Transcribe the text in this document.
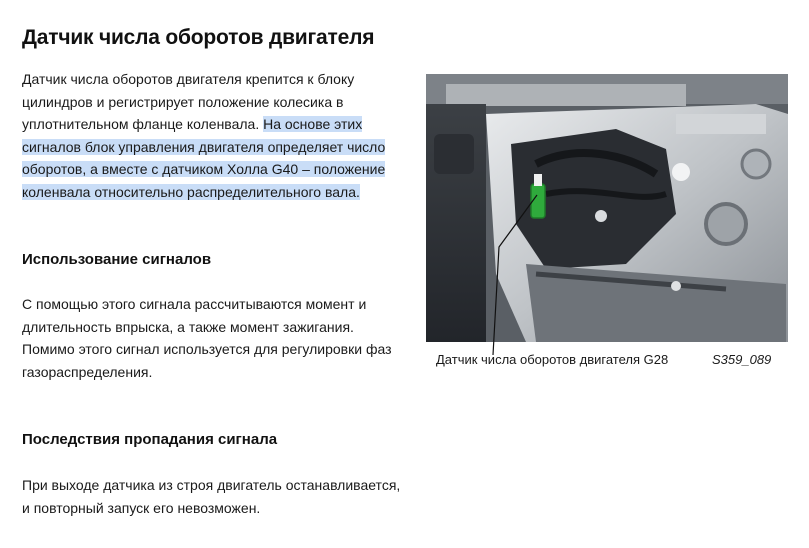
Датчик числа оборотов двигателя

Датчик числа оборотов двигателя крепится к блоку цилиндров и регистрирует положение колесика в уплотнительном фланце коленвала. На основе этих сигналов блок управления двигателя определяет число оборотов, а вместе с датчиком Холла G40 – положение коленвала относительно распределительного вала.

Использование сигналов

С помощью этого сигнала рассчитываются момент и длительность впрыска, а также момент зажигания. Помимо этого сигнал используется для регулировки фаз газораспределения.

Последствия пропадания сигнала

При выходе датчика из строя двигатель останавливается, и повторный запуск его невозможен.

Датчик числа оборотов двигателя G28	S359_089
